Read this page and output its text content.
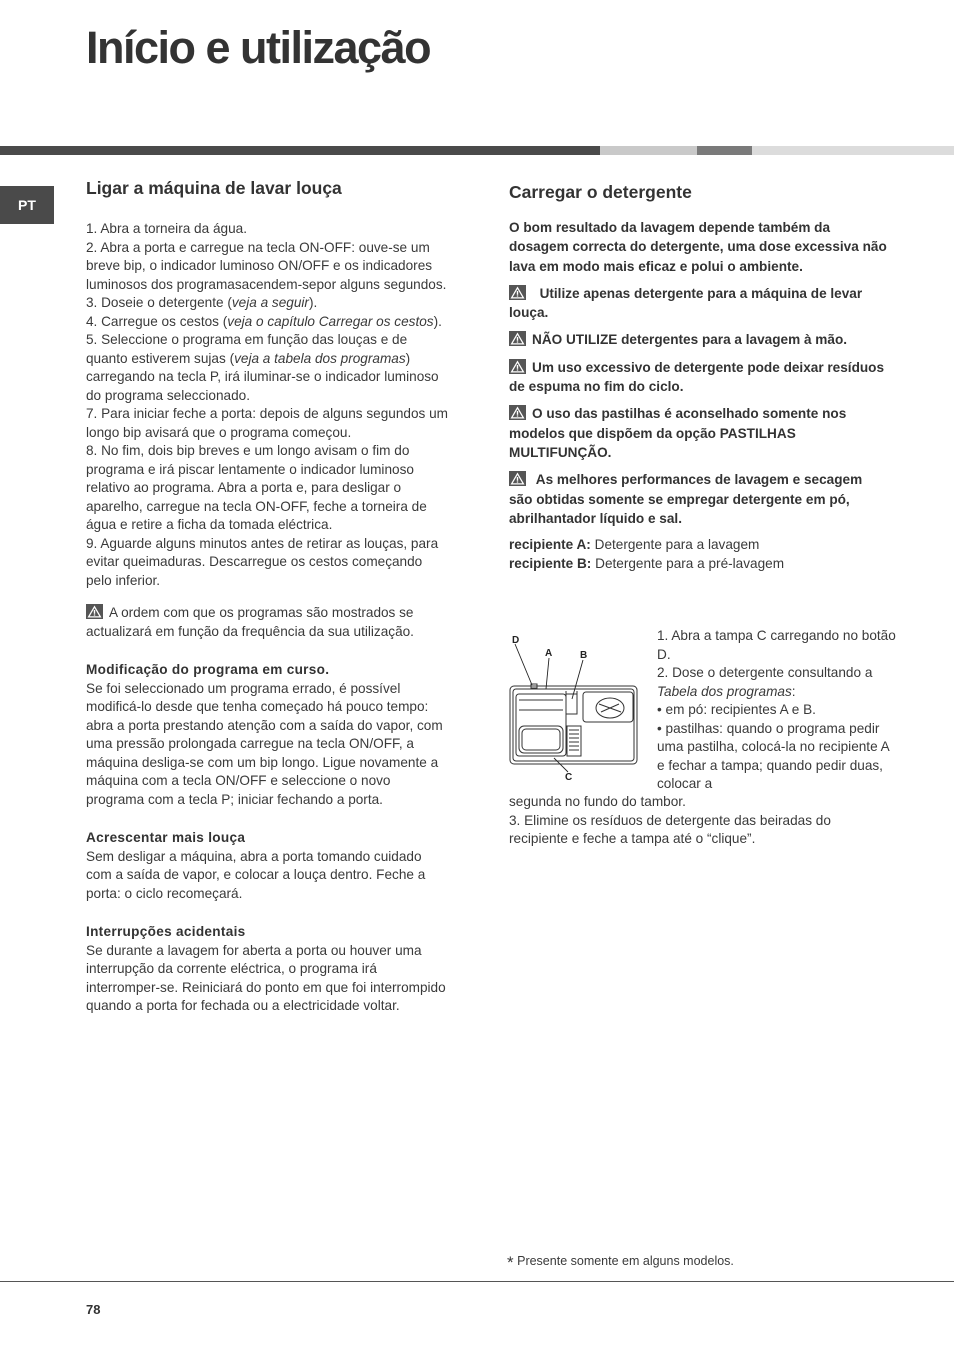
Início e utilização
PT
Ligar a máquina de lavar louça

1. Abra a torneira da água.

2. Abra a porta e carregue na tecla ON-OFF: ouve-se um breve bip, o indicador luminoso ON/OFF e os indicadores luminosos dos programasacendem-sepor alguns segundos.

3. Doseie o detergente (veja a seguir).

4. Carregue os cestos (veja o capítulo Carregar os cestos).

5. Seleccione o programa em função das louças e de quanto estiverem sujas (veja a tabela dos programas) carregando na tecla P, irá iluminar-se o indicador luminoso do programa seleccionado.

7. Para iniciar feche a porta: depois de alguns segundos um longo bip avisará que o programa começou.

8. No fim, dois bip breves e um longo avisam o fim do programa e irá piscar lentamente o indicador luminoso relativo ao programa. Abra a porta e, para desligar o aparelho, carregue na tecla ON-OFF, feche a torneira de água e retire a ficha da tomada eléctrica.

9. Aguarde alguns minutos antes de retirar as louças, para evitar queimaduras. Descarregue os cestos começando pelo inferior.

A ordem com que os programas são mostrados se actualizará em função da frequência da sua utilização.

Modificação do programa em curso.

Se foi seleccionado um programa errado, é possível modificá-lo desde que tenha começado há pouco tempo: abra a porta prestando atenção com a saída do vapor, com uma pressão prolongada carregue na tecla ON/OFF, a máquina desliga-se com um bip longo. Ligue novamente a máquina com a tecla ON/OFF e seleccione o novo programa com a tecla P; iniciar fechando a porta.

Acrescentar mais louça

Sem desligar a máquina, abra a porta tomando cuidado com a saída de vapor, e colocar a louça dentro. Feche a porta: o ciclo recomeçará.

Interrupções acidentais

Se durante a lavagem for aberta a porta ou houver uma interrupção da corrente eléctrica, o programa irá interromper-se. Reiniciará do ponto em que foi interrompido quando a porta for fechada ou a electricidade voltar.

Carregar o detergente

O bom resultado da lavagem depende também da dosagem correcta do detergente, uma dose excessiva não lava em modo mais eficaz e polui o ambiente.

Utilize apenas detergente para a máquina de levar louça.

NÃO UTILIZE detergentes para a lavagem à mão.

Um uso excessivo de detergente pode deixar resíduos de espuma no fim do ciclo.

O uso das pastilhas é aconselhado somente nos modelos que dispõem da opção PASTILHAS MULTIFUNÇÃO.

As melhores performances de lavagem e secagem são obtidas somente se empregar detergente em pó, abrilhantador líquido e sal.

recipiente A: Detergente para a lavagem

recipiente B: Detergente para a pré-lavagem

D
A	B
C

1. Abra a tampa C carregando no botão D.

2. Dose o detergente consultando a Tabela dos programas:

• em pó: recipientes A e B.

• pastilhas: quando o programa pedir uma pastilha, colocá-la no recipiente A e fechar a tampa; quando pedir duas, colocar a

segunda no fundo do tambor.

3. Elimine os resíduos de detergente das beiradas do recipiente e feche a tampa até o “clique”.

* Presente somente em alguns modelos.
78
